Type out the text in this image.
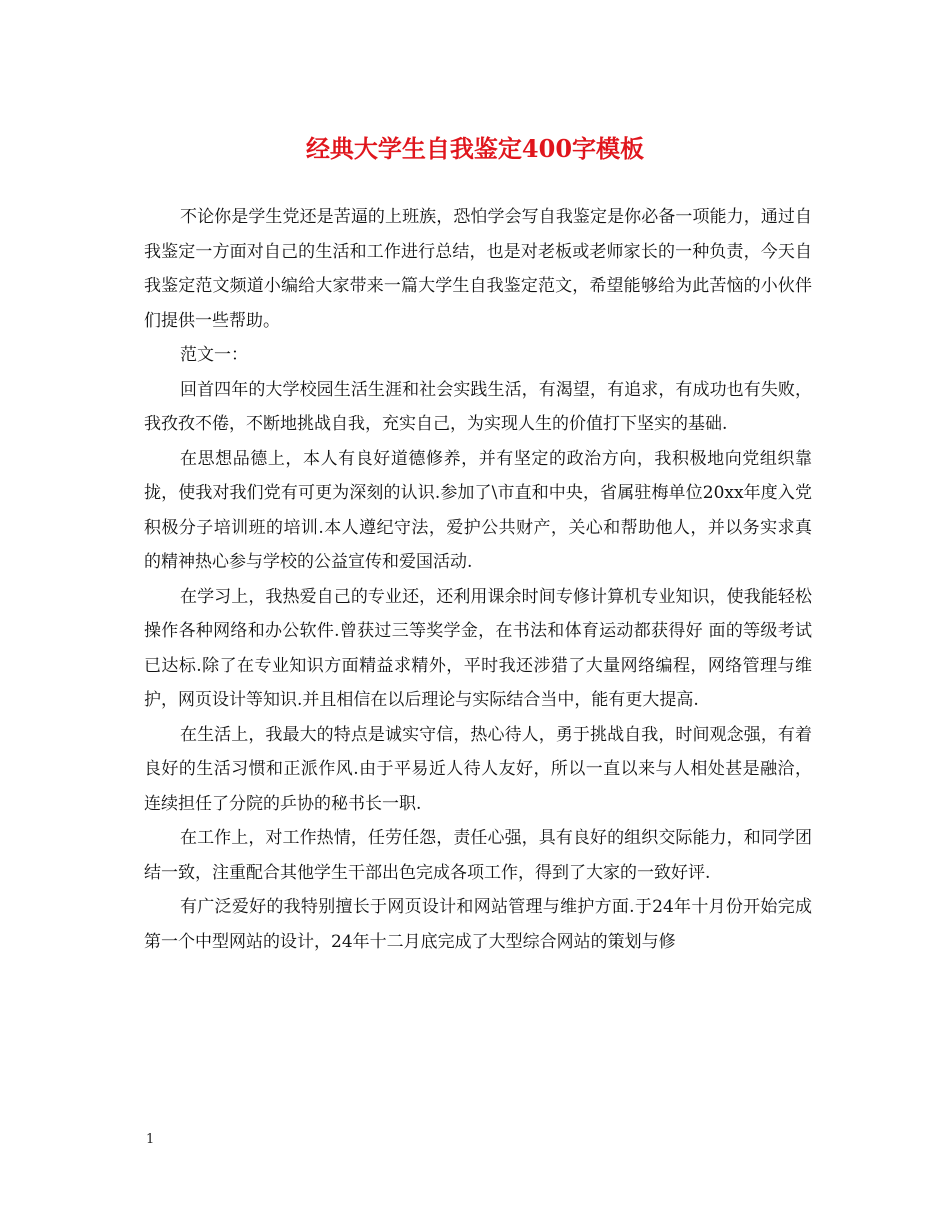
经典大学生自我鉴定400字模板

不论你是学生党还是苦逼的上班族，恐怕学会写自我鉴定是你必备一项能力，通过自我鉴定一方面对自己的生活和工作进行总结，也是对老板或老师家长的一种负责，今天自我鉴定范文频道小编给大家带来一篇大学生自我鉴定范文，希望能够给为此苦恼的小伙伴们提供一些帮助。

范文一：

回首四年的大学校园生活生涯和社会实践生活，有渴望，有追求，有成功也有失败，我孜孜不倦，不断地挑战自我，充实自己，为实现人生的价值打下坚实的基础.

在思想品德上，本人有良好道德修养，并有坚定的政治方向，我积极地向党组织靠拢，使我对我们党有可更为深刻的认识.参加了\市直和中央，省属驻梅单位20xx年度入党积极分子培训班的培训.本人遵纪守法，爱护公共财产，关心和帮助他人，并以务实求真的精神热心参与学校的公益宣传和爱国活动.

在学习上，我热爱自己的专业还，还利用课余时间专修计算机专业知识，使我能轻松操作各种网络和办公软件.曾获过三等奖学金，在书法和体育运动都获得好 面的等级考试已达标.除了在专业知识方面精益求精外，平时我还涉猎了大量网络编程，网络管理与维护，网页设计等知识.并且相信在以后理论与实际结合当中，能有更大提高.

在生活上，我最大的特点是诚实守信，热心待人，勇于挑战自我，时间观念强，有着良好的生活习惯和正派作风.由于平易近人待人友好，所以一直以来与人相处甚是融洽，连续担任了分院的乒协的秘书长一职.

在工作上，对工作热情，任劳任怨，责任心强，具有良好的组织交际能力，和同学团结一致，注重配合其他学生干部出色完成各项工作，得到了大家的一致好评.

有广泛爱好的我特别擅长于网页设计和网站管理与维护方面.于24年十月份开始完成第一个中型网站的设计，24年十二月底完成了大型综合网站的策划与修

1
